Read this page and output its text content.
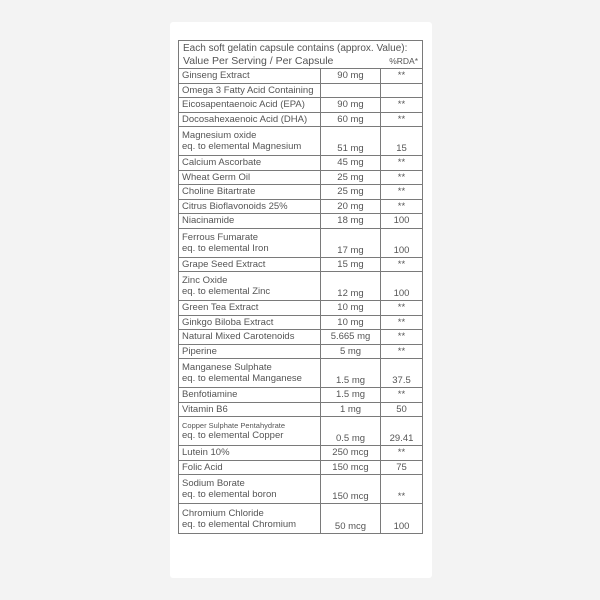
Each soft gelatin capsule contains (approx. Value):
Value Per Serving / Per Capsule	%RDA*
Ginseng Extract	90 mg	**
Omega 3 Fatty Acid Containing
Eicosapentaenoic Acid (EPA)	90 mg	**
Docosahexaenoic Acid (DHA)	60 mg	**
Magnesium oxide
eq. to elemental Magnesium	51 mg	15
Calcium Ascorbate	45 mg	**
Wheat Germ Oil	25 mg	**
Choline Bitartrate	25 mg	**
Citrus Bioflavonoids 25%	20 mg	**
Niacinamide	18 mg	100
Ferrous Fumarate
eq. to elemental Iron	17 mg	100
Grape Seed Extract	15 mg	**
Zinc Oxide
eq. to elemental Zinc	12 mg	100
Green Tea Extract	10 mg	**
Ginkgo Biloba Extract	10 mg	**
Natural Mixed Carotenoids	5.665 mg	**
Piperine	5 mg	**
Manganese Sulphate
eq. to elemental Manganese	1.5 mg	37.5
Benfotiamine	1.5 mg	**
Vitamin B6	1 mg	50
Copper Sulphate Pentahydrate
eq. to elemental Copper	0.5 mg	29.41
Lutein 10%	250 mcg	**
Folic Acid	150 mcg	75
Sodium Borate
eq. to elemental boron	150 mcg	**
Chromium Chloride
eq. to elemental Chromium	50 mcg	100
